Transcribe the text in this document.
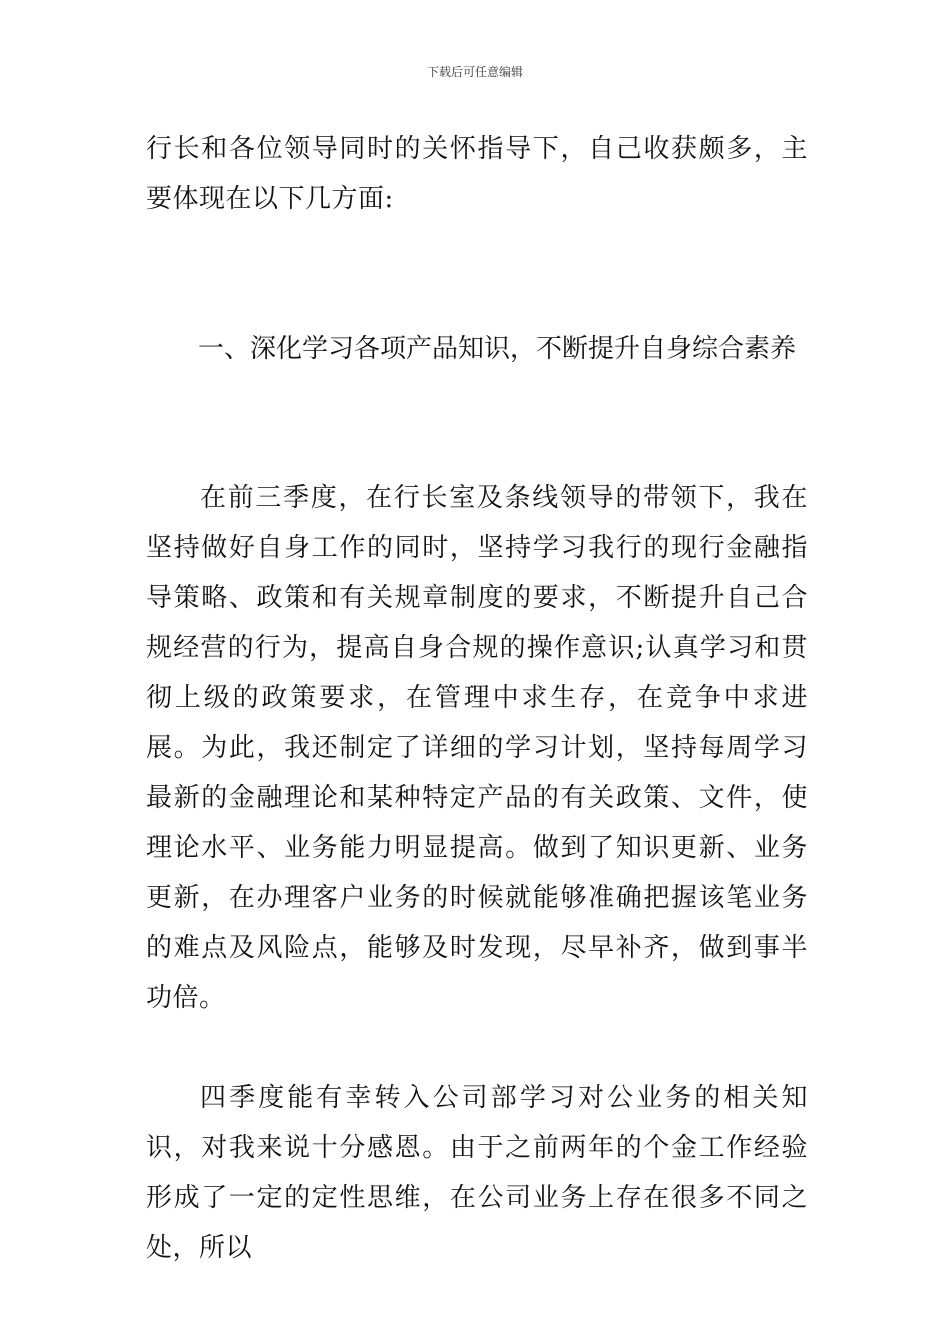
下载后可任意编辑
行长和各位领导同时的关怀指导下，自己收获颇多，主要体现在以下几方面:
一、深化学习各项产品知识，不断提升自身综合素养
在前三季度，在行长室及条线领导的带领下，我在坚持做好自身工作的同时，坚持学习我行的现行金融指导策略、政策和有关规章制度的要求，不断提升自己合规经营的行为，提高自身合规的操作意识;认真学习和贯彻上级的政策要求，在管理中求生存，在竞争中求进展。为此，我还制定了详细的学习计划，坚持每周学习最新的金融理论和某种特定产品的有关政策、文件，使理论水平、业务能力明显提高。做到了知识更新、业务更新，在办理客户业务的时候就能够准确把握该笔业务的难点及风险点，能够及时发现，尽早补齐，做到事半功倍。
四季度能有幸转入公司部学习对公业务的相关知识，对我来说十分感恩。由于之前两年的个金工作经验形成了一定的定性思维，在公司业务上存在很多不同之处，所以
